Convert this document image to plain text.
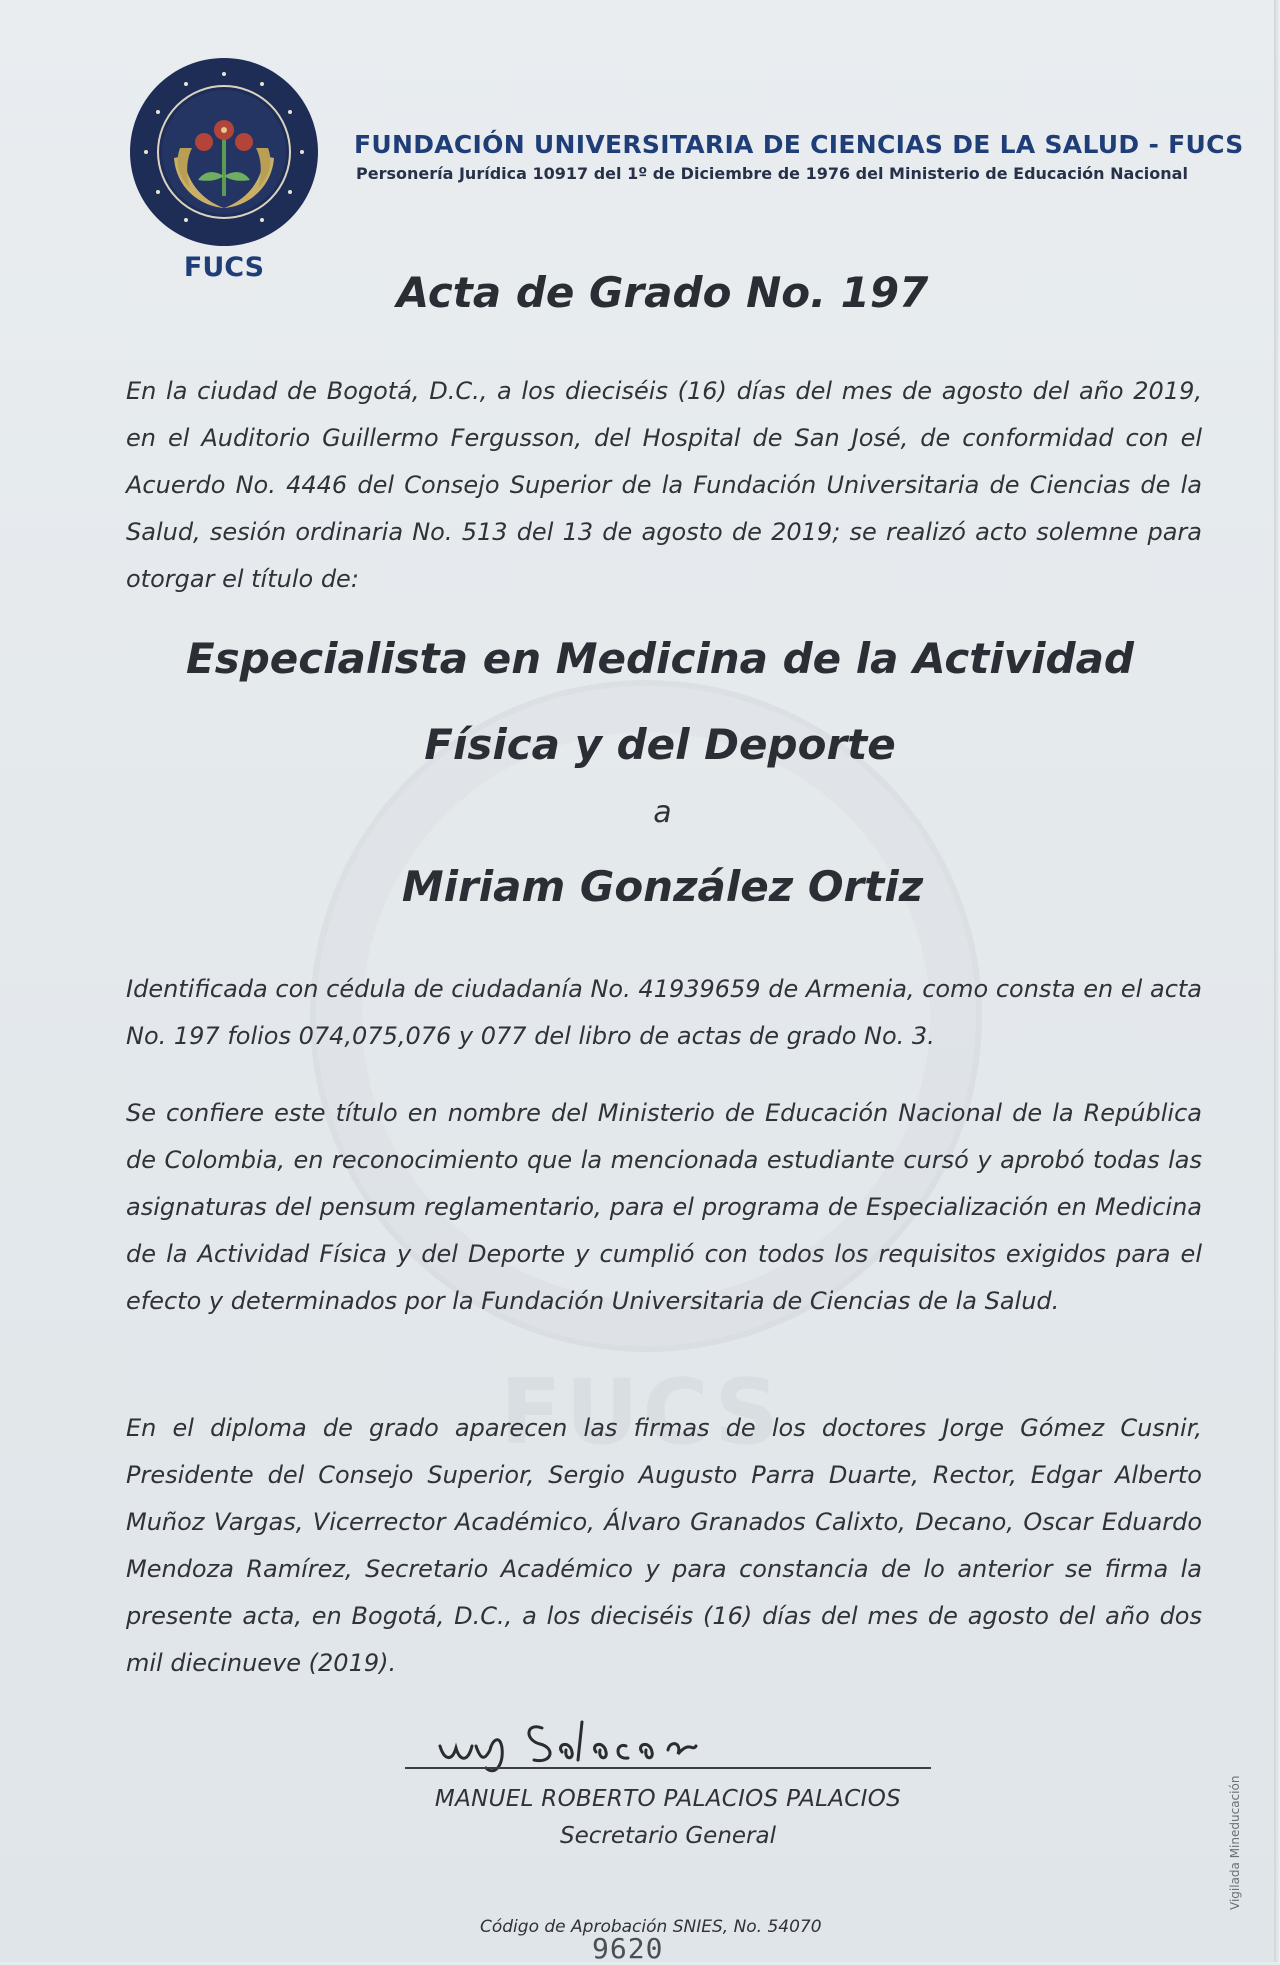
FUCS
FUCS
FUNDACIÓN UNIVERSITARIA DE CIENCIAS DE LA SALUD - FUCS
Personería Jurídica 10917 del 1º de Diciembre de 1976 del Ministerio de Educación Nacional
Acta de Grado No. 197

En la ciudad de Bogotá, D.C., a los dieciséis (16) días del mes de agosto del año 2019, en el Auditorio Guillermo Fergusson, del Hospital de San José, de conformidad con el Acuerdo No. 4446 del Consejo Superior de la Fundación Universitaria de Ciencias de la Salud, sesión ordinaria No. 513 del 13 de agosto de 2019; se realizó acto solemne para otorgar el título de:

Especialista en Medicina de la Actividad
Física y del Deporte
a
Miriam González Ortiz

Identificada con cédula de ciudadanía No. 41939659 de Armenia, como consta en el acta No. 197 folios 074,075,076 y 077 del libro de actas de grado No. 3.

Se confiere este título en nombre del Ministerio de Educación Nacional de la República de Colombia, en reconocimiento que la mencionada estudiante cursó y aprobó todas las asignaturas del pensum reglamentario, para el programa de Especialización en Medicina de la Actividad Física y del Deporte y cumplió con todos los requisitos exigidos para el efecto y determinados por la Fundación Universitaria de Ciencias de la Salud.

En el diploma de grado aparecen las firmas de los doctores Jorge Gómez Cusnir, Presidente del Consejo Superior, Sergio Augusto Parra Duarte, Rector, Edgar Alberto Muñoz Vargas, Vicerrector Académico, Álvaro Granados Calixto, Decano, Oscar Eduardo Mendoza Ramírez, Secretario Académico y para constancia de lo anterior se firma la presente acta, en Bogotá, D.C., a los dieciséis (16) días del mes de agosto del año dos mil diecinueve (2019).

MANUEL ROBERTO PALACIOS PALACIOS
Secretario General
Código de Aprobación SNIES, No. 54070
9620
Vigilada Mineducación
